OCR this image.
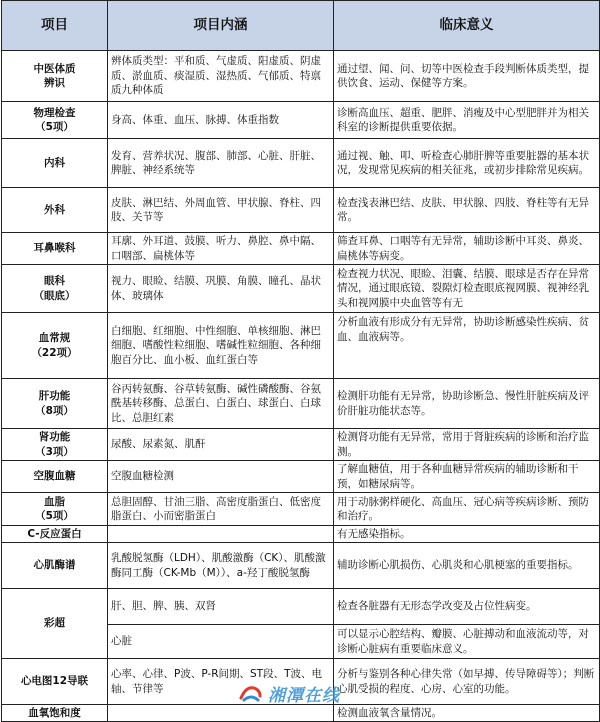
项目	项目内涵	临床意义
中医体质
辨识	辨体质类型：平和质、气虚质、阳虚质、阴虚质、淤血质、痰湿质、湿热质、气郁质、特禀质九种体质	通过望、闻、问、切等中医检查手段判断体质类型，提供饮食、运动、保健等方案。
物理检查
（5项）	身高、体重、血压、脉搏、体重指数	诊断高血压、超重、肥胖、消瘦及中心型肥胖并为相关科室的诊断提供重要依据。
内科	发育、营养状况、腹部、肺部、心脏、肝脏、脾脏、神经系统等	通过视、触、叩、听检查心肺肝脾等重要脏器的基本状况，发现常见疾病的相关征兆，或初步排除常见疾病。
外科	皮肤、淋巴结、外周血管、甲状腺、脊柱、四肢、关节等	检查浅表淋巴结、皮肤、甲状腺、四肢、脊柱等有无异常。
耳鼻喉科	耳廓、外耳道、鼓膜、听力、鼻腔、鼻中隔、口咽部、扁桃体等	筛查耳鼻、口咽等有无异常，辅助诊断中耳炎、鼻炎、扁桃体等病变。
眼科
（眼底）	视力、眼睑、结膜、巩膜、角膜、瞳孔、晶状体、玻璃体	检查视力状况、眼睑、泪囊、结膜、眼球是否存在异常情况，通过眼底镜、裂隙灯检查眼底视网膜、视神经乳头和视网膜中央血管等有无
血常规
（22项）	白细胞、红细胞、中性细胞、单核细胞、淋巴细胞、嗜酸性粒细胞、嗜碱性粒细胞、各种细胞百分比、血小板、血红蛋白等	分析血液有形成分有无异常，协助诊断感染性疾病、贫血、血液病等。
肝功能
（8项）	谷丙转氨酶、谷草转氨酶、碱性磷酸酶、谷氨酰基转移酶、总蛋白、白蛋白、球蛋白、白球比、总胆红素	检测肝功能有无异常，协助诊断急、慢性肝脏疾病及评价肝脏功能状态等。
肾功能
（3项）	尿酸、尿素氮、肌酐	检测肾功能有无异常，常用于肾脏疾病的诊断和治疗监测。
空腹血糖	空腹血糖检测	了解血糖值，用于各种血糖异常疾病的辅助诊断和干预，如糖尿病等。
血脂
（5项）	总胆固醇、甘油三脂、高密度脂蛋白、低密度脂蛋白、小而密脂蛋白	用于动脉粥样硬化、高血压、冠心病等疾病诊断、预防和治疗。
C-反应蛋白		有无感染指标。
心肌酶谱	乳酸脱氢酶（LDH）、肌酸激酶（CK）、肌酸激酶同工酶（CK-Mb（M））、a-羟丁酸脱氢酶	辅助诊断心肌损伤、心肌炎和心肌梗塞的重要指标。
彩超	肝、胆、脾、胰、双肾	检查各脏器有无形态学改变及占位性病变。
	心脏	可以显示心腔结构、瓣膜、心脏搏动和血液流动等，对诊断心脏病有重要临床意义。
心电图12导联	心率、心律、P波、P-R间期、ST段、T波、电轴、节律等	分析与鉴别各种心律失常（如早搏、传导障碍等）；判断心肌受损的程度、心房、心室的功能。
血氧饱和度		检测血液氧含量情况。
湘潭在线
